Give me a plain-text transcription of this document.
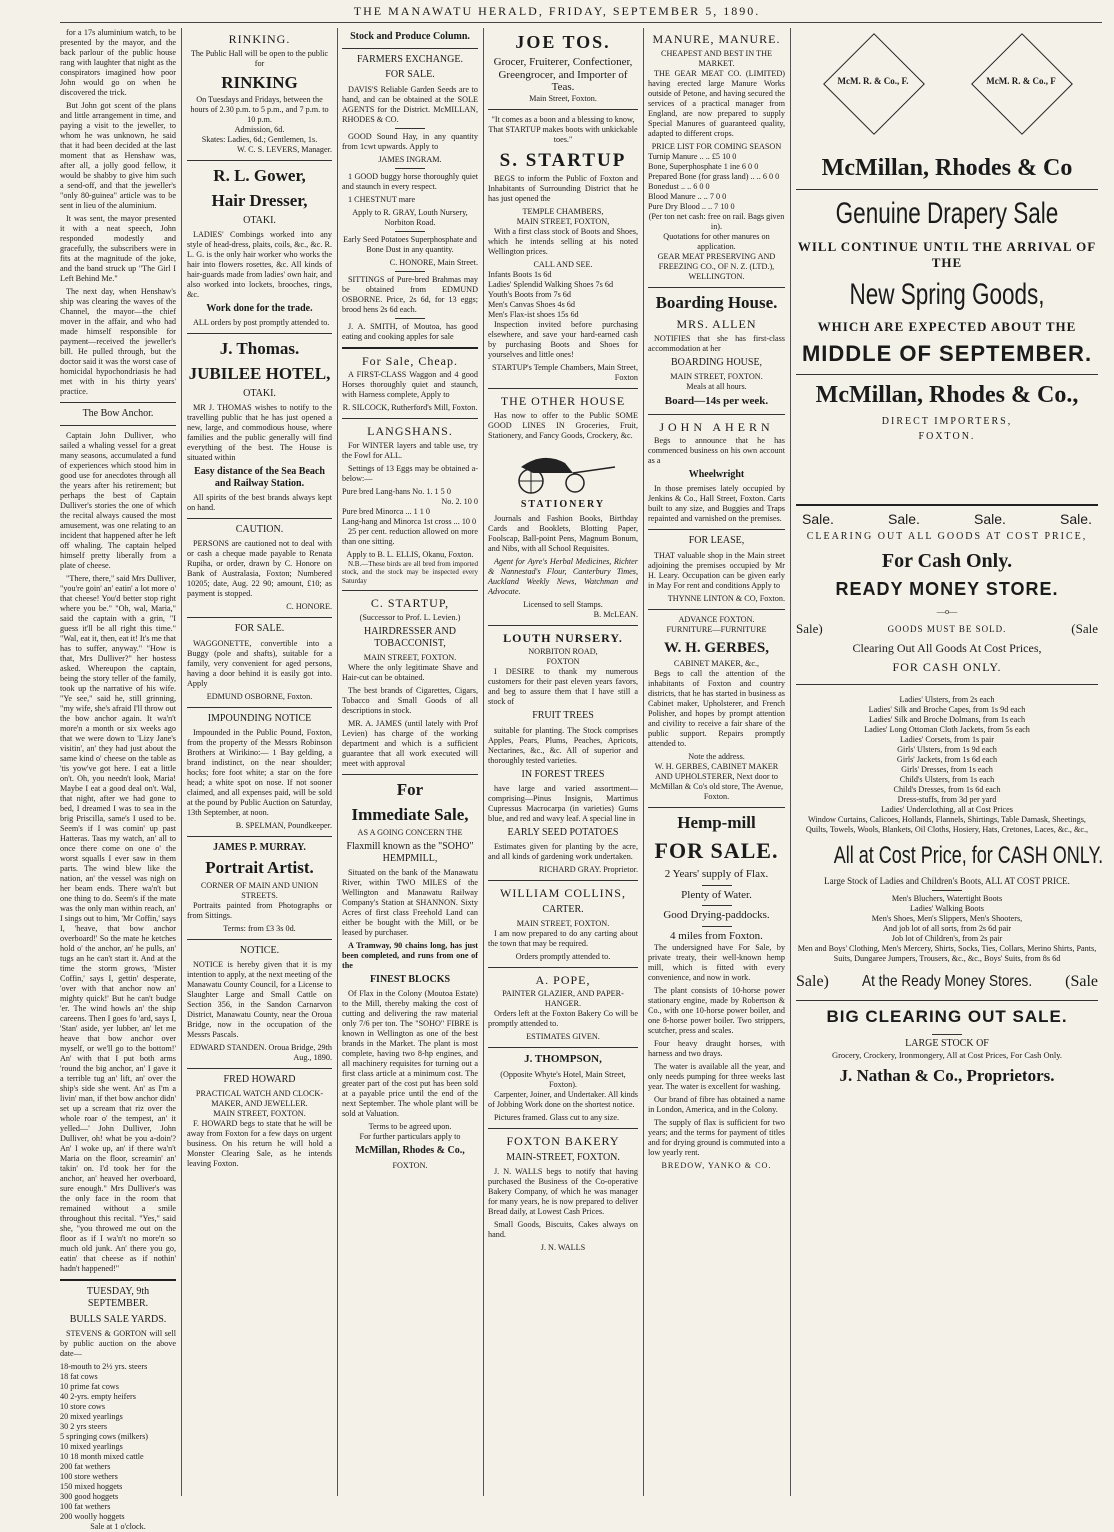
THE MANAWATU HERALD, FRIDAY, SEPTEMBER 5, 1890.

for a 17s aluminium watch, to be presented by the mayor, and the back parlour of the public house rang with laughter that night as the conspirators imagined how poor John would go on when he discovered the trick.

But John got scent of the plans and little arrangement in time, and paying a visit to the jeweller, to whom he was unknown, he said that it had been decided at the last moment that as Henshaw was, after all, a jolly good fellow, it would be shabby to give him such a send-off, and that the jeweller's "only 80-guinea" article was to be sent in lieu of the aluminium.

It was sent, the mayor presented it with a neat speech, John responded modestly and gracefully, the subscribers were in fits at the magnitude of the joke, and the band struck up "The Girl I Left Behind Me."

The next day, when Henshaw's ship was clearing the waves of the Channel, the mayor—the chief mover in the affair, and who had made himself responsible for payment—received the jeweller's bill. He pulled through, but the doctor said it was the worst case of homicidal hypochondriasis he had met with in his thirty years' practice.

The Bow Anchor.

Captain John Dulliver, who sailed a whaling vessel for a great many seasons, accumulated a fund of experiences which stood him in good use for anecdotes through all the years after his retirement; but perhaps the best of Captain Dulliver's stories the one of which the recital always caused the most amusement, was one relating to an incident that happened after he left off whaling. The captain helped himself pretty liberally from a plate of cheese.

"There, there," said Mrs Dulliver, "you're goin' an' eatin' a lot more o' that cheese! You'd better stop right where you be." "Oh, wal, Maria," said the captain with a grin, "I guess it'll be all right this time." "Wal, eat it, then, eat it! It's me that has to suffer, anyway." "How is that, Mrs Dulliver?" her hostess asked. Whereupon the captain, being the story teller of the family, took up the narrative of his wife. "Ye see," said he, still grinning, "my wife, she's afraid I'll throw out the bow anchor again. It wa'n't more'n a month or six weeks ago that we were down to 'Lizy Jane's visitin', an' they had just about the same kind o' cheese on the table as 'tis yow've got here. I eat a little on't. Oh, you needn't look, Maria! Maybe I eat a good deal on't. Wal, that night, after we had gone to bed, I dreamed I was to sea in the brig Priscilla, same's I used to be. Seem's if I was comin' up past Hatteras. Taas my watch, an' all to once there come on one o' the worst squalls I ever saw in them parts. The wind blew like the nation, an' the vessel was nigh on her beam ends. There wa'n't but one thing to do. Seem's if the mate was the only man within reach, an' I sings out to him, 'Mr Coffin,' says I, 'heave, that bow anchor overboard!' So the mate he ketches hold o' the anchor, an' he pulls, an' tugs an he can't start it. And at the time the storm grows, 'Mister Coffin,' says I, gettin' desperate, 'over with that anchor now an' mighty quick!' But he can't budge 'er. The wind howls an' the ship careens. Then I goes fo 'ard, says I, 'Stan' aside, yer lubber, an' let me heave that bow anchor over myself, or we'll go to the bottom!' An' with that I put both arms 'round the big anchor, an' I gave it a terrible tug an' lift, an' over the ship's side she went. An' as I'm a livin' man, if thet bow anchor didn' set up a scream that riz over the whole roar o' the tempest, an' it yelled—' John Dulliver, John Dulliver, oh! what be you a-doin'? An' I woke up, an' if there wa'n't Maria on the floor, screamin' an' takin' on. I'd took her for the anchor, an' heaved her overboard, sure enough." Mrs Dulliver's was the only face in the room that remained without a smile throughout this recital. "Yes," said she, "you throwed me out on the floor as if I wa'n't no more'n so much old junk. An' there you go, eatin' that cheese as if nothin' hadn't happened!"

TUESDAY, 9th SEPTEMBER.
BULLS SALE YARDS.

STEVENS & GORTON will sell by public auction on the above date—

18-mouth to 2½ yrs. steers
18 fat cows
10 prime fat cows
40 2-yrs. empty heifers
10 store cows
20 mixed yearlings
30 2 yrs steers
5 springing cows (milkers)
10 mixed yearlings
10 18 month mixed cattle
200 fat wethers
100 store wethers
150 mixed hoggets
300 good hoggets
100 fat wethers
200 woolly hoggets
Sale at 1 o'clock.
RINKING.
The Public Hall will be open to the public for
RINKING
On Tuesdays and Fridays, between the hours of 2.30 p.m. to 5 p.m., and 7 p.m. to 10 p.m.
Admission, 6d.
Skates: Ladies, 6d.; Gentlemen, 1s.
W. C. S. LEVERS, Manager.
R. L. Gower,
Hair Dresser,
OTAKI.

LADIES' Combings worked into any style of head-dress, plaits, coils, &c., &c. R. L. G. is the only hair worker who works the hair into flowers rosettes, &c. All kinds of hair-guards made from ladies' own hair, and also worked into lockets, brooches, rings, &c.

Work done for the trade.

ALL orders by post promptly attended to.

J. Thomas.
JUBILEE HOTEL,
OTAKI.

MR J. THOMAS wishes to notify to the travelling public that he has just opened a new, large, and commodious house, where families and the public generally will find everything of the best. The House is situated within

Easy distance of the Sea Beach and Railway Station.

All spirits of the best brands always kept on hand.

CAUTION.

PERSONS are cautioned not to deal with or cash a cheque made payable to Renata Rupiha, or order, drawn by C. Honore on Bank of Australasia, Foxton; Numbered 10205; date, Aug. 22 90; amount, £10; as payment is stopped.

C. HONORE.
FOR SALE.

WAGGONETTE, convertible into a Buggy (pole and shafts), suitable for a family, very convenient for aged persons, having a door behind it is easily got into. Apply

EDMUND OSBORNE, Foxton.
IMPOUNDING NOTICE

Impounded in the Public Pound, Foxton, from the property of the Messrs Robinson Brothers at Wirikino:— 1 Bay gelding, a brand indistinct, on the near shoulder; hocks; fore foot white; a star on the fore head; a white spot on nose. If not sooner claimed, and all expenses paid, will be sold at the pound by Public Auction on Saturday, 13th September, at noon.

B. SPELMAN, Poundkeeper.
JAMES P. MURRAY.
Portrait Artist.
CORNER OF MAIN AND UNION STREETS.

Portraits painted from Photographs or from Sittings.

Terms: from £3 3s 0d.
NOTICE.

NOTICE is hereby given that it is my intention to apply, at the next meeting of the Manawatu County Council, for a License to Slaughter Large and Small Cattle on Section 356, in the Sandon Carnarvon District, Manawatu County, near the Oroua Bridge, now in the occupation of the Messrs Pascals.

EDWARD STANDEN. Oroua Bridge, 29th Aug., 1890.
FRED HOWARD
PRACTICAL WATCH AND CLOCK-MAKER, AND JEWELLER.
MAIN STREET, FOXTON.

F. HOWARD begs to state that he will be away from Foxton for a few days on urgent business. On his return he will hold a Monster Clearing Sale, as he intends leaving Foxton.

Stock and Produce Column.
FARMERS EXCHANGE.
FOR SALE.

DAVIS'S Reliable Garden Seeds are to hand, and can be obtained at the SOLE AGENTS for the District. McMILLAN, RHODES & CO.

GOOD Sound Hay, in any quantity from 1cwt upwards. Apply to

JAMES INGRAM.

1 GOOD buggy horse thoroughly quiet and staunch in every respect.

1 CHESTNUT mare

Apply to R. GRAY, Louth Nursery, Norbiton Road.

Early Seed Potatoes Superphosphate and Bone Dust in any quantity.

C. HONORE, Main Street.

SITTINGS of Pure-bred Brahmas may be obtained from EDMUND OSBORNE. Price, 2s 6d, for 13 eggs; brood hens 2s 6d each.

J. A. SMITH, of Moutoa, has good eating and cooking apples for sale

For Sale, Cheap.

A FIRST-CLASS Waggon and 4 good Horses thoroughly quiet and staunch, with Harness complete, Apply to

R. SILCOCK, Rutherford's Mill, Foxton.
LANGSHANS.

For WINTER layers and table use, try the Fowl for ALL.

Settings of 13 Eggs may be obtained a-below:—

Pure bred Lang-hans No. 1. 1 5 0
No. 2. 10 0
Pure bred Minorca ... 1 1 0
Lang-hang and Minorca 1st cross ... 10 0

25 per cent. reduction allowed on more than one sitting.

Apply to B. L. ELLIS, Okanu, Foxton.

N.B.—These birds are all bred from imported stock, and the stock may be inspected every Saturday

C. STARTUP,
(Successor to Prof. L. Levien.)
HAIRDRESSER AND TOBACCONIST,
MAIN STREET, FOXTON.

Where the only legitimate Shave and Hair-cut can be obtained.

The best brands of Cigarettes, Cigars, Tobacco and Small Goods of all descriptions in stock.

MR. A. JAMES (until lately with Prof Levien) has charge of the working department and which is a sufficient guarantee that all work executed will meet with approval

For
Immediate Sale,
AS A GOING CONCERN THE
Flaxmill known as the "SOHO" HEMPMILL,

Situated on the bank of the Manawatu River, within TWO MILES of the Wellington and Manawatu Railway Company's Station at SHANNON. Sixty Acres of first class Freehold Land can either be bought with the Mill, or be leased by purchaser.

A Tramway, 90 chains long, has just been completed, and runs from one of the

FINEST BLOCKS

Of Flax in the Colony (Moutoa Estate) to the Mill, thereby making the cost of cutting and delivering the raw material only 7/6 per ton. The "SOHO" FIBRE is known in Wellington as one of the best brands in the Market. The plant is most complete, having two 8-hp engines, and all machinery requisites for turning out a first class article at a minimum cost. The greater part of the cost put has been sold at a payable price until the end of the next September. The whole plant will be sold at Valuation.

Terms to be agreed upon.
For further particulars apply to
McMillan, Rhodes & Co.,
FOXTON.
JOE TOS.
Grocer, Fruiterer, Confectioner, Greengrocer, and Importer of Teas.
Main Street, Foxton.
"It comes as a boon and a blessing to know, That STARTUP makes boots with unkickable toes."
S. STARTUP

BEGS to inform the Public of Foxton and Inhabitants of Surrounding District that he has just opened the

TEMPLE CHAMBERS,
MAIN STREET, FOXTON,

With a first class stock of Boots and Shoes, which he intends selling at his noted Wellington prices.

CALL AND SEE.
Infants Boots 1s 6d
Ladies' Splendid Walking Shoes 7s 6d
Youth's Boots from 7s 6d
Men's Canvas Shoes 4s 6d
Men's Flax-ist shoes 15s 6d

Inspection invited before purchasing elsewhere, and save your hard-earned cash by purchasing Boots and Shoes for yourselves and little ones!

STARTUP's Temple Chambers, Main Street, Foxton
THE OTHER HOUSE

Has now to offer to the Public SOME GOOD LINES IN Groceries, Fruit, Stationery, and Fancy Goods, Crockery, &c.

STATIONERY

Journals and Fashion Books, Birthday Cards and Booklets, Blotting Paper, Foolscap, Ball-point Pens, Magnum Bonum, and Nibs, with all School Requisites.

Agent for Ayre's Herbal Medicines, Richter & Nannestad's Flour, Canterbury Times, Auckland Weekly News, Watchman and Advocate.

Licensed to sell Stamps.
B. McLEAN.
LOUTH NURSERY.
NORBITON ROAD,
FOXTON

I DESIRE to thank my numerous customers for their past eleven years favors, and beg to assure them that I have still a stock of

FRUIT TREES

suitable for planting. The Stock comprises Apples, Pears, Plums, Peaches, Apricots, Nectarines, &c., &c. All of superior and thoroughly tested varieties.

IN FOREST TREES

have large and varied assortment—comprising—Pinus Insignis, Martimus Cupressus Macrocarpa (in varieties) Gums blue, and red and wavy leaf. A special line in

EARLY SEED POTATOES

Estimates given for planting by the acre, and all kinds of gardening work undertaken.

RICHARD GRAY. Proprietor.
WILLIAM COLLINS,
CARTER.
MAIN STREET, FOXTON.

I am now prepared to do any carting about the town that may be required.

Orders promptly attended to.
A. POPE,
PAINTER GLAZIER, AND PAPER-HANGER.

Orders left at the Foxton Bakery Co will be promptly attended to.

ESTIMATES GIVEN.
J. THOMPSON,
(Opposite Whyte's Hotel, Main Street, Foxton).

Carpenter, Joiner, and Undertaker. All kinds of Jobbing Work done on the shortest notice.

Pictures framed. Glass cut to any size.

FOXTON BAKERY
MAIN-STREET, FOXTON.

J. N. WALLS begs to notify that having purchased the Business of the Co-operative Bakery Company, of which he was manager for many years, he is now prepared to deliver Bread daily, at Lowest Cash Prices.

Small Goods, Biscuits, Cakes always on hand.

J. N. WALLS
MANURE, MANURE.
CHEAPEST AND BEST IN THE MARKET.

THE GEAR MEAT CO. (LIMITED) having erected large Manure Works outside of Petone, and having secured the services of a practical manager from England, are now prepared to supply Special Manures of guaranteed quality, adapted to different crops.

PRICE LIST FOR COMING SEASON
Turnip Manure .. .. £5 10 0
Bone, Superphosphate 1 ine 6 0 0
Prepared Bone (for grass land) .. .. 6 0 0
Bonedust .. .. 6 0 0
Blood Manure .. .. 7 0 0
Pure Dry Blood .. .. 7 10 0
(Per ton net cash: free on rail. Bags given in).
Quotations for other manures on application.
GEAR MEAT PRESERVING AND FREEZING CO., OF N. Z. (LTD.), WELLINGTON.
Boarding House.
MRS. ALLEN

NOTIFIES that she has first-class accommodation at her

BOARDING HOUSE,
MAIN STREET, FOXTON.
Meals at all hours.
Board—14s per week.
JOHN AHERN

Begs to announce that he has commenced business on his own account as a

Wheelwright

In those premises lately occupied by Jenkins & Co., Hall Street, Foxton. Carts built to any size, and Buggies and Traps repainted and varnished on the premises.

FOR LEASE,

THAT valuable shop in the Main street adjoining the premises occupied by Mr H. Leary. Occupation can be given early in May For rent and conditions Apply to

THYNNE LINTON & CO, Foxton.
ADVANCE FOXTON.
FURNITURE—FURNITURE
W. H. GERBES,
CABINET MAKER, &c.,

Begs to call the attention of the inhabitants of Foxton and country districts, that he has started in business as Cabinet maker, Upholsterer, and French Polisher, and hopes by prompt attention and civility to receive a fair share of the public support. Repairs promptly attended to.

Note the address.
W. H. GERBES, CABINET MAKER AND UPHOLSTERER, Next door to McMillan & Co's old store, The Avenue, Foxton.
Hemp-mill
FOR SALE.
2 Years' supply of Flax.
Plenty of Water.
Good Drying-paddocks.
4 miles from Foxton.

The undersigned have For Sale, by private treaty, their well-known hemp mill, which is fitted with every convenience, and now in work.

The plant consists of 10-horse power stationary engine, made by Robertson & Co., with one 10-horse power boiler, and one 8-horse power boiler. Two strippers, scutcher, press and scales.

Four heavy draught horses, with harness and two drays.

The water is available all the year, and only needs pumping for three weeks last year. The water is excellent for washing.

Our brand of fibre has obtained a name in London, America, and in the Colony.

The supply of flax is sufficient for two years; and the terms for payment of titles and for drying ground is commuted into a low yearly rent.

BREDOW, YANKO & CO.
McM. R. & Co., F.	McM. R. & Co., F
McMillan, Rhodes & Co
Genuine Drapery Sale
WILL CONTINUE UNTIL THE ARRIVAL OF THE
New Spring Goods,
WHICH ARE EXPECTED ABOUT THE
MIDDLE OF SEPTEMBER.
McMillan, Rhodes & Co.,
DIRECT IMPORTERS,
FOXTON.
Sale.	Sale.	Sale.	Sale.
CLEARING OUT ALL GOODS AT COST PRICE,
For Cash Only.
READY MONEY STORE.
—o—
Sale)	GOODS MUST BE SOLD.	(Sale
Clearing Out All Goods At Cost Prices,
FOR CASH ONLY.
Ladies' Ulsters, from 2s each
Ladies' Silk and Broche Capes, from 1s 9d each
Ladies' Silk and Broche Dolmans, from 1s each
Ladies' Long Ottoman Cloth Jackets, from 5s each
Ladies' Corsets, from 1s pair
Girls' Ulsters, from 1s 9d each
Girls' Jackets, from 1s 6d each
Girls' Dresses, from 1s each
Child's Ulsters, from 1s each
Child's Dresses, from 1s 6d each
Dress-stuffs, from 3d per yard
Ladies' Underclothing, all at Cost Prices
Window Curtains, Calicoes, Hollands, Flannels, Shirtings, Table Damask, Sheetings, Quilts, Towels, Wools, Blankets, Oil Cloths, Hosiery, Hats, Cretones, Laces, &c., &c.,
All at Cost Price, for CASH ONLY.
Large Stock of Ladies and Children's Boots, ALL AT COST PRICE.
Men's Bluchers, Watertight Boots
Ladies' Walking Boots
Men's Shoes, Men's Slippers, Men's Shooters,
And job lot of all sorts, from 2s 6d pair
Job lot of Children's, from 2s pair
Men and Boys' Clothing, Men's Mercery, Shirts, Socks, Ties, Collars, Merino Shirts, Pants, Suits, Dungaree Jumpers, Trousers, &c., &c., Boys' Suits, from 8s 6d
Sale) At the Ready Money Stores. (Sale
BIG CLEARING OUT SALE.
LARGE STOCK OF
Grocery, Crockery, Ironmongery, All at Cost Prices, For Cash Only.
J. Nathan & Co., Proprietors.
